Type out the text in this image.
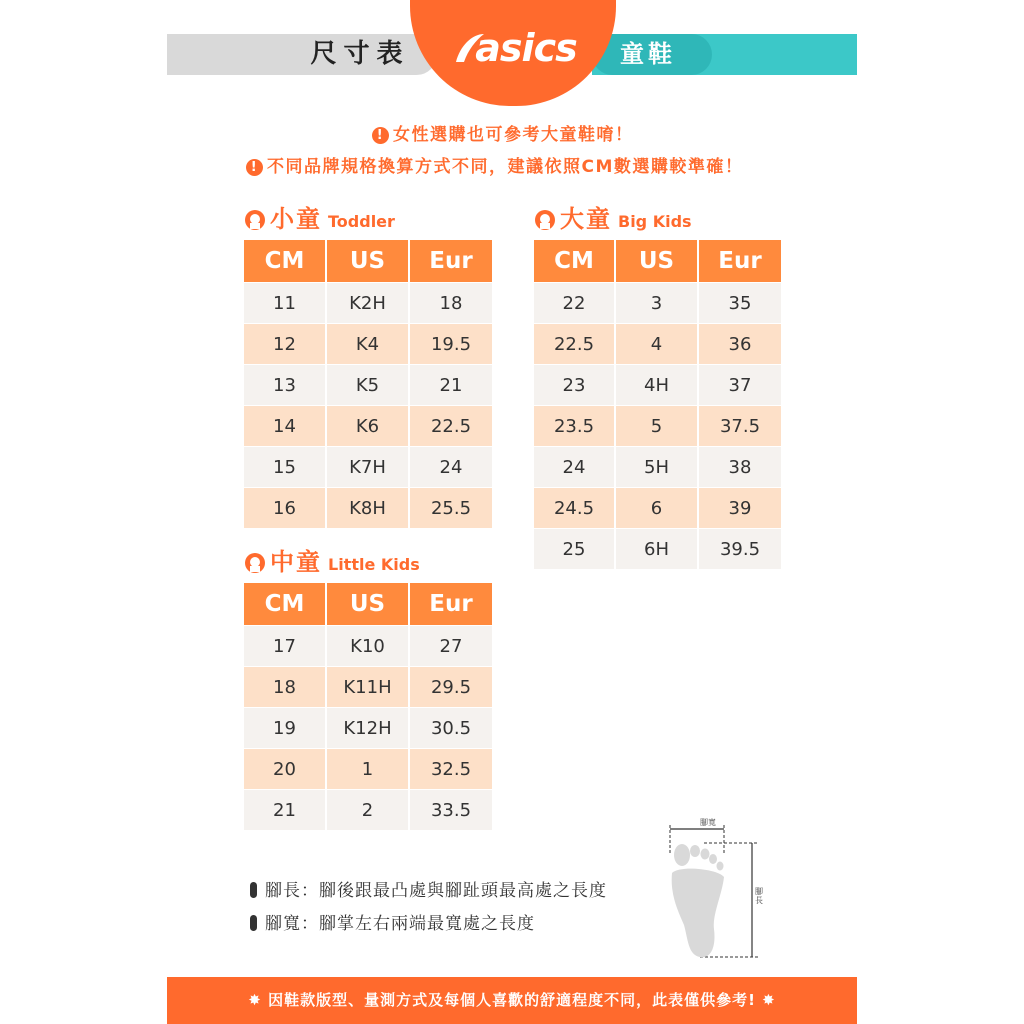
尺寸表	童鞋
asics
! 女性選購也可參考大童鞋唷！
! 不同品牌規格換算方式不同，建議依照CM數選購較準確！
小童 Toddler
CM	US	Eur
11	K2H	18
12	K4	19.5
13	K5	21
14	K6	22.5
15	K7H	24
16	K8H	25.5
中童 Little Kids
CM	US	Eur
17	K10	27
18	K11H	29.5
19	K12H	30.5
20	1	32.5
21	2	33.5
大童 Big Kids
CM	US	Eur
22	3	35
22.5	4	36
23	4H	37
23.5	5	37.5
24	5H	38
24.5	6	39
25	6H	39.5
腳長：腳後跟最凸處與腳趾頭最高處之長度
腳寬：腳掌左右兩端最寬處之長度
腳寬
腳長
✸ 因鞋款版型、量測方式及每個人喜歡的舒適程度不同，此表僅供參考! ✸
